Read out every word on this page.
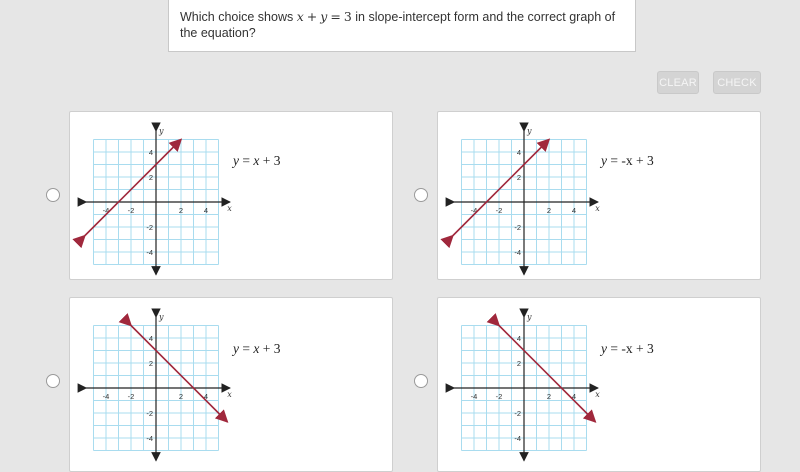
Which choice shows x + y = 3 in slope-intercept form and the correct graph of the equation?
CLEAR	CHECK
-4 -2	2	4
4
2
-2
-4
x
y
y = x + 3
-4 -2	2	4
4
2
-2
-4
x
y
y = -x + 3
-4 -2	2	4
4
2
-2
-4
x
y
y = x + 3
-4 -2	2	4
4
2
-2
-4
x
y
y = -x + 3
